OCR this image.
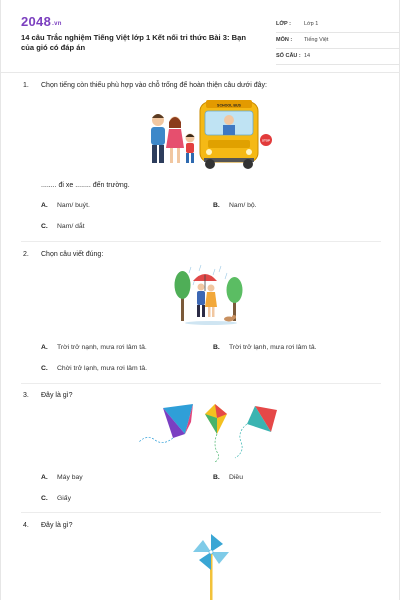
2048.vn
14 câu Trắc nghiệm Tiếng Việt lớp 1 Kết nối tri thức Bài 3: Bạn của gió có đáp án
LỚP : Lớp 1
MÔN : Tiếng Việt
SỐ CÂU : 14
1. Chọn tiếng còn thiếu phù hợp vào chỗ trống để hoàn thiện câu dưới đây:
SCHOOL BUS
STOP
........ đi xe ........ đến trường.
A. Nam/ buýt.	B. Nam/ bộ.
C. Nam/ dắt
2. Chọn câu viết đúng:
A. Trời trở nạnh, mưa rơi lâm tâ.	B. Trời trở lạnh, mưa rơi lâm tâ.
C. Chời trở lạnh, mưa rơi lâm tâ.
3. Đây là gì?
A. Máy bay	B. Diều
C. Giấy
4. Đây là gì?
